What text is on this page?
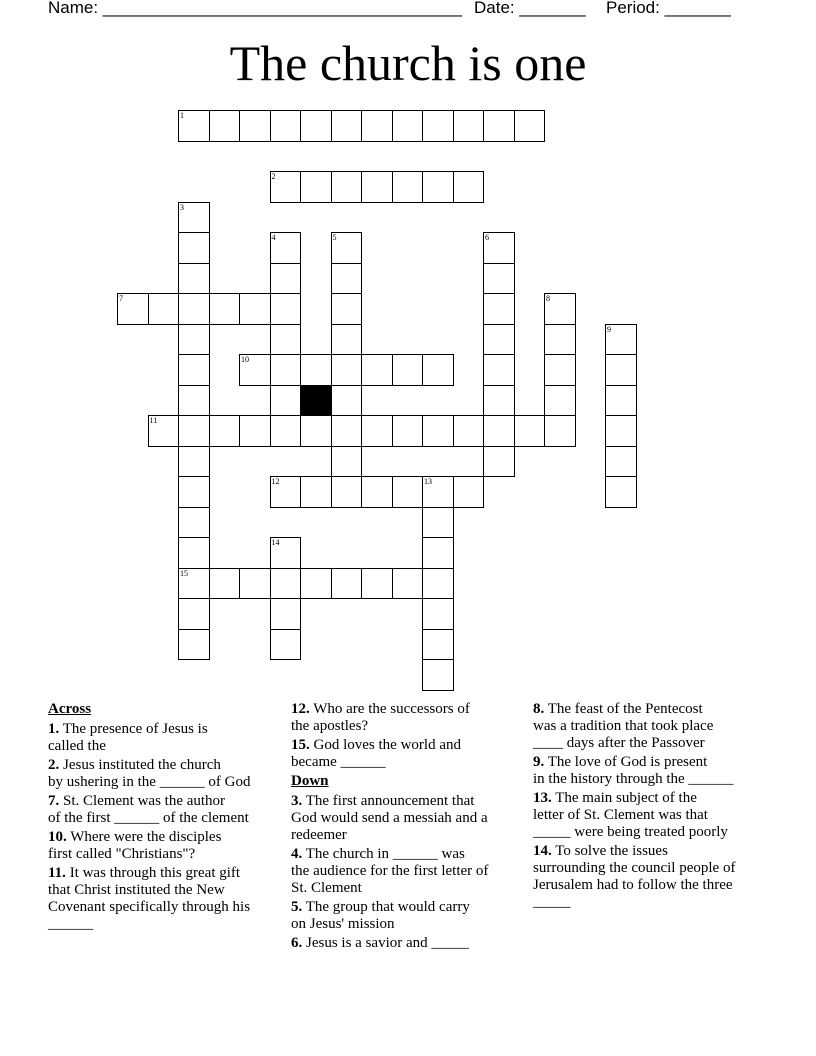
Name: ______________________________________ Date: _______ Period: _______
The church is one
1
2
3
4	5	6
7	8
9
10
11
12	13
14
15
Across
1. The presence of Jesus is
called the
2. Jesus instituted the church
by ushering in the ______ of God
7. St. Clement was the author
of the first ______ of the clement
10. Where were the disciples
first called "Christians"?
11. It was through this great gift
that Christ instituted the New
Covenant specifically through his
______
12. Who are the successors of
the apostles?
15. God loves the world and
became ______
Down
3. The first announcement that
God would send a messiah and a
redeemer
4. The church in ______ was
the audience for the first letter of
St. Clement
5. The group that would carry
on Jesus' mission
6. Jesus is a savior and _____
8. The feast of the Pentecost
was a tradition that took place
____ days after the Passover
9. The love of God is present
in the history through the ______
13. The main subject of the
letter of St. Clement was that
_____ were being treated poorly
14. To solve the issues
surrounding the council people of
Jerusalem had to follow the three
_____
